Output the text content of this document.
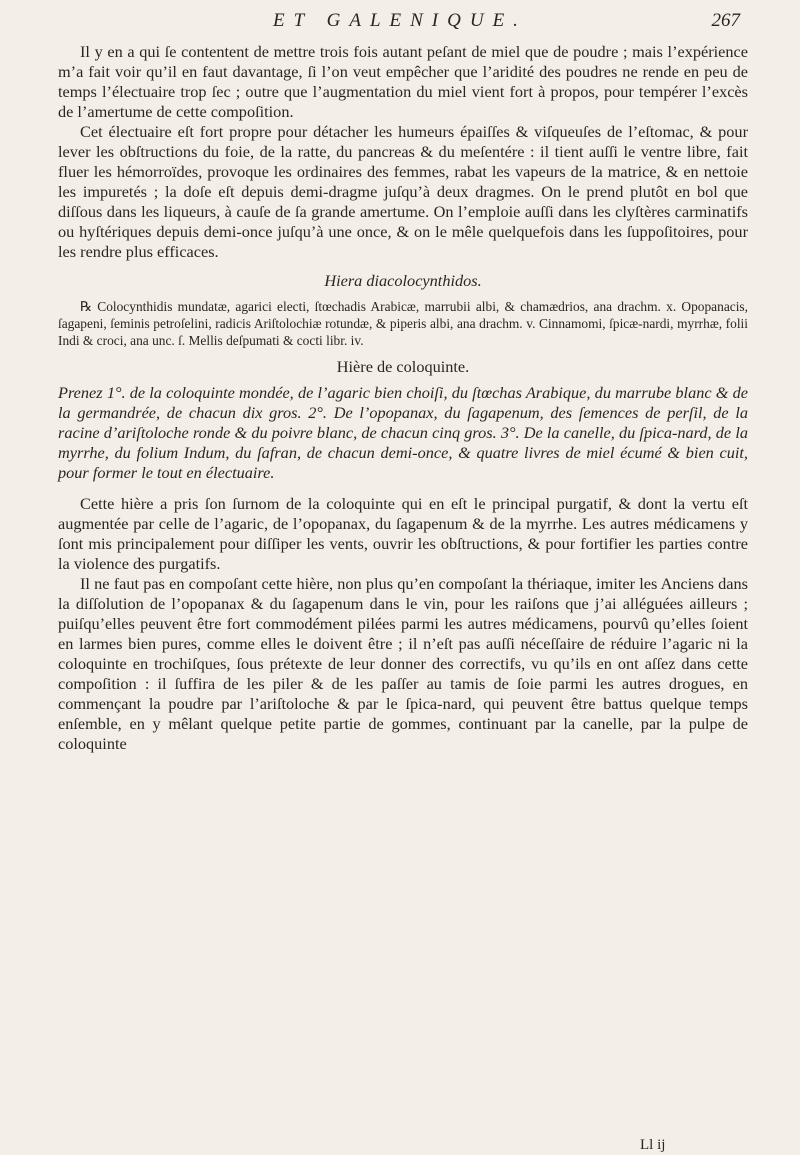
ET GALENIQUE.	267

Il y en a qui ſe contentent de mettre trois fois autant peſant de miel que de poudre ; mais l’expérience m’a fait voir qu’il en faut davantage, ſi l’on veut empêcher que l’aridité des poudres ne rende en peu de temps l’électuaire trop ſec ; outre que l’augmentation du miel vient fort à propos, pour tempérer l’excès de l’amertume de cette compoſition.

Cet électuaire eſt fort propre pour détacher les humeurs épaiſſes & viſqueuſes de l’eſtomac, & pour lever les obſtructions du foie, de la ratte, du pancreas & du meſentére : il tient auſſi le ventre libre, fait fluer les hémorroïdes, provoque les ordinaires des femmes, rabat les vapeurs de la matrice, & en nettoie les impuretés ; la doſe eſt depuis demi-dragme juſqu’à deux dragmes. On le prend plutôt en bol que diſſous dans les liqueurs, à cauſe de ſa grande amertume. On l’emploie auſſi dans les clyſtères carminatifs ou hyſtériques depuis demi-once juſqu’à une once, & on le mêle quelquefois dans les ſuppoſitoires, pour les rendre plus efficaces.

Hiera diacolocynthidos.

℞ Colocynthidis mundatæ, agarici electi, ſtœchadis Arabicæ, marrubii albi, & chamædrios, ana drachm. x. Opopanacis, ſagapeni, ſeminis petroſelini, radicis Ariſtolochiæ rotundæ, & piperis albi, ana drachm. v. Cinnamomi, ſpicæ-nardi, myrrhæ, folii Indi & croci, ana unc. ſ. Mellis deſpumati & cocti libr. iv.

Hière de coloquinte.

Prenez 1°. de la coloquinte mondée, de l’agaric bien choiſi, du ſtœchas Arabique, du marrube blanc & de la germandrée, de chacun dix gros. 2°. De l’opopanax, du ſagapenum, des ſemences de perſil, de la racine d’ariſtoloche ronde & du poivre blanc, de chacun cinq gros. 3°. De la canelle, du ſpica-nard, de la myrrhe, du folium Indum, du ſafran, de chacun demi-once, & quatre livres de miel écumé & bien cuit, pour former le tout en électuaire.

Cette hière a pris ſon ſurnom de la coloquinte qui en eſt le principal purgatif, & dont la vertu eſt augmentée par celle de l’agaric, de l’opopanax, du ſagapenum & de la myrrhe. Les autres médicamens y ſont mis principalement pour diſſiper les vents, ouvrir les obſtructions, & pour fortifier les parties contre la violence des purgatifs.

Il ne faut pas en compoſant cette hière, non plus qu’en compoſant la thériaque, imiter les Anciens dans la diſſolution de l’opopanax & du ſagapenum dans le vin, pour les raiſons que j’ai alléguées ailleurs ; puiſqu’elles peuvent être fort commodément pilées parmi les autres médicamens, pourvû qu’elles ſoient en larmes bien pures, comme elles le doivent être ; il n’eſt pas auſſi néceſſaire de réduire l’agaric ni la coloquinte en trochiſques, ſous prétexte de leur donner des correctifs, vu qu’ils en ont aſſez dans cette compoſition : il ſuffira de les piler & de les paſſer au tamis de ſoie parmi les autres drogues, en commençant la poudre par l’ariſtoloche & par le ſpica-nard, qui peuvent être battus quelque temps enſemble, en y mêlant quelque petite partie de gommes, continuant par la canelle, par la pulpe de coloquinte

Ll ij
